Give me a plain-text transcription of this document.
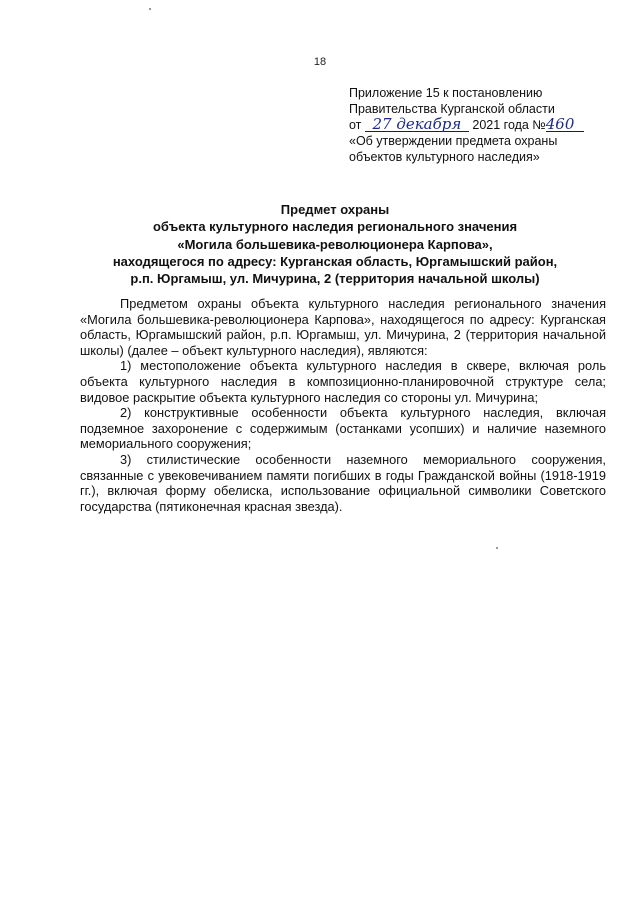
18
Приложение 15 к постановлению
Правительства Курганской области
от 27 декабря 2021 года №460
«Об утверждении предмета охраны
объектов культурного наследия»
Предмет охраны
объекта культурного наследия регионального значения
«Могила большевика-революционера Карпова»,
находящегося по адресу: Курганская область, Юргамышский район,
р.п. Юргамыш, ул. Мичурина, 2 (территория начальной школы)

Предметом охраны объекта культурного наследия регионального значения «Могила большевика-революционера Карпова», находящегося по адресу: Курганская область, Юргамышский район, р.п. Юргамыш, ул. Мичурина, 2 (территория начальной школы) (далее – объект культурного наследия), являются:

1) местоположение объекта культурного наследия в сквере, включая роль объекта культурного наследия в композиционно-планировочной структуре села; видовое раскрытие объекта культурного наследия со стороны ул. Мичурина;

2) конструктивные особенности объекта культурного наследия, включая подземное захоронение с содержимым (останками усопших) и наличие наземного мемориального сооружения;

3) стилистические особенности наземного мемориального сооружения, связанные с увековечиванием памяти погибших в годы Гражданской войны (1918-1919 гг.), включая форму обелиска, использование официальной символики Советского государства (пятиконечная красная звезда).
